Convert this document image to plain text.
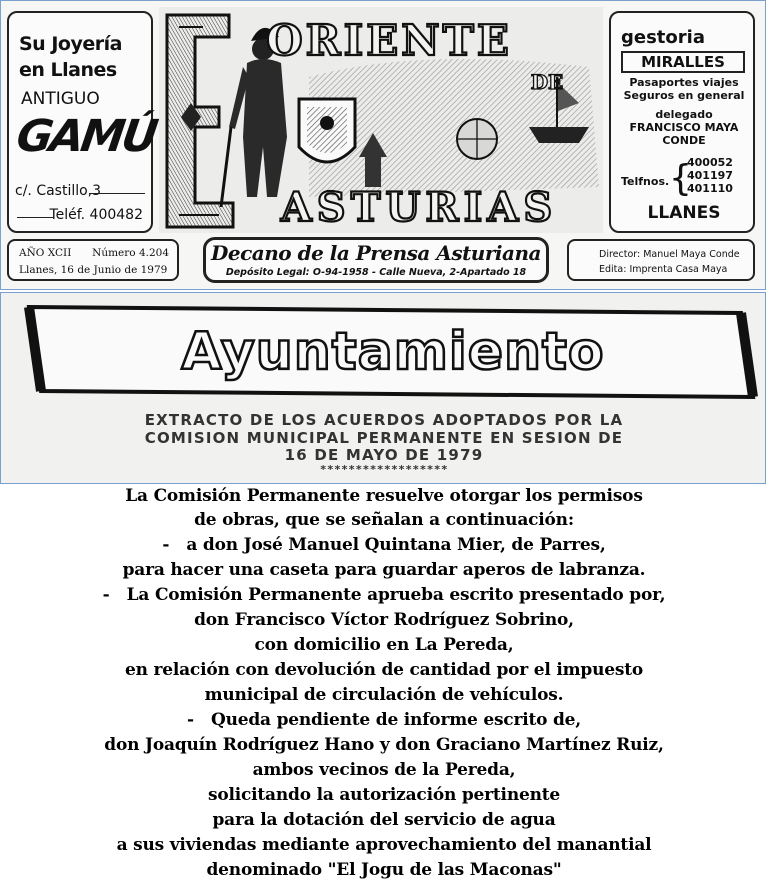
Su Joyería
en Llanes
ANTIGUO
GAMÚ
c/. Castillo,3
Teléf. 400482
ORIENTE
DE
ASTURIAS
gestoria
MIRALLES
Pasaportes viajes
Seguros en general
delegado
FRANCISCO MAYA
CONDE
Telfnos. {
400052
401197
401110
LLANES
AÑO XCII Número 4.204
Llanes, 16 de Junio de 1979
Decano de la Prensa Asturiana
Depósito Legal: O-94-1958 - Calle Nueva, 2-Apartado 18
Director: Manuel Maya Conde
Edita: Imprenta Casa Maya
Ayuntamiento
EXTRACTO DE LOS ACUERDOS ADOPTADOS POR LA
COMISION MUNICIPAL PERMANENTE EN SESION DE
16 DE MAYO DE 1979
******************
La Comisión Permanente resuelve otorgar los permisos
de obras, que se señalan a continuación:
-   a don José Manuel Quintana Mier, de Parres,
para hacer una caseta para guardar aperos de labranza.
-   La Comisión Permanente aprueba escrito presentado por,
don Francisco Víctor Rodríguez Sobrino,
con domicilio en La Pereda,
en relación con devolución de cantidad por el impuesto
municipal de circulación de vehículos.
-   Queda pendiente de informe escrito de,
don Joaquín Rodríguez Hano y don Graciano Martínez Ruiz,
ambos vecinos de la Pereda,
solicitando la autorización pertinente
para la dotación del servicio de agua
a sus viviendas mediante aprovechamiento del manantial
denominado "El Jogu de las Maconas"
